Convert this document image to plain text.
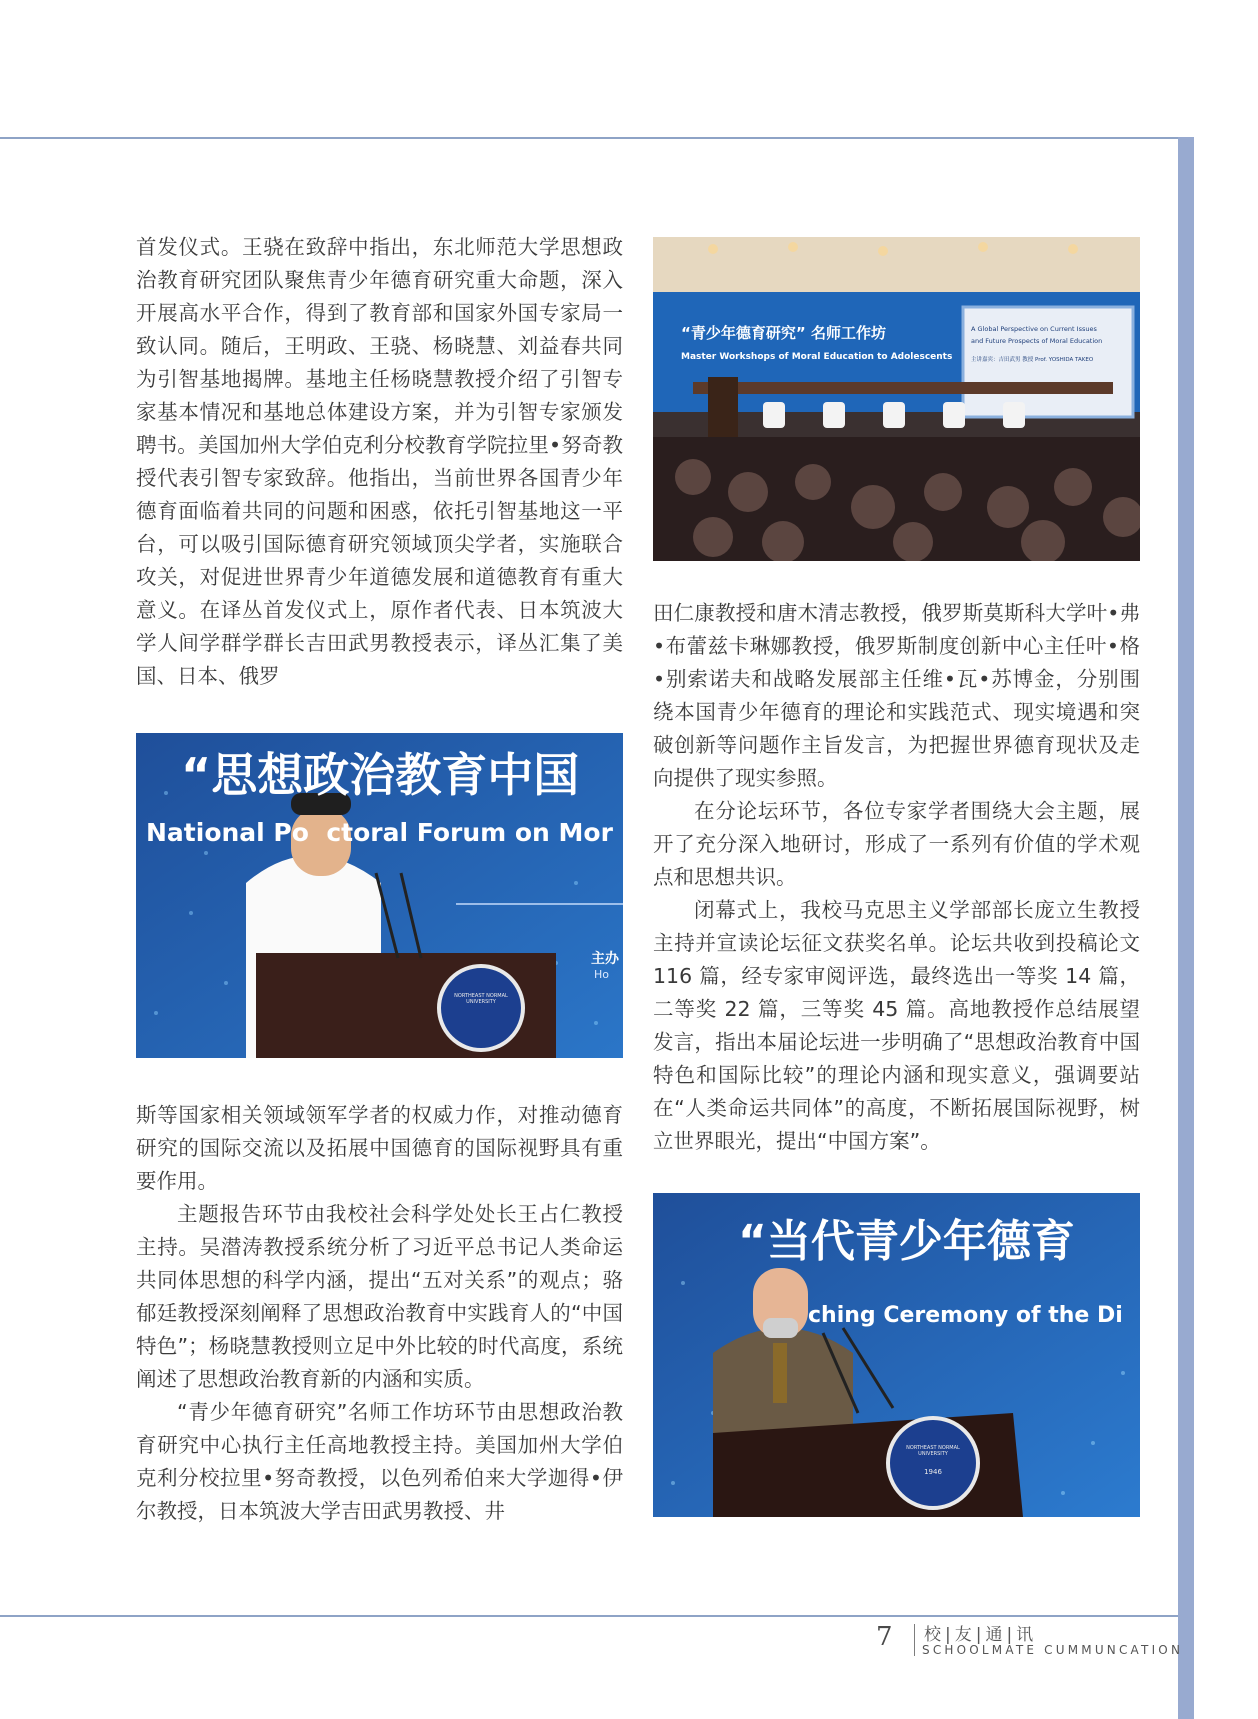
首发仪式。王骁在致辞中指出，东北师范大学思想政治教育研究团队聚焦青少年德育研究重大命题，深入开展高水平合作，得到了教育部和国家外国专家局一致认同。随后，王明政、王骁、杨晓慧、刘益春共同为引智基地揭牌。基地主任杨晓慧教授介绍了引智专家基本情况和基地总体建设方案，并为引智专家颁发聘书。美国加州大学伯克利分校教育学院拉里•努奇教授代表引智专家致辞。他指出，当前世界各国青少年德育面临着共同的问题和困惑，依托引智基地这一平台，可以吸引国际德育研究领域顶尖学者，实施联合攻关，对促进世界青少年道德发展和道德教育有重大意义。在译丛首发仪式上，原作者代表、日本筑波大学人间学群学群长吉田武男教授表示，译丛汇集了美国、日本、俄罗

“思想政治教育中国
National Po  ctoral Forum on Mor
主办
Ho
NORTHEAST NORMAL UNIVERSITY

斯等国家相关领域领军学者的权威力作，对推动德育研究的国际交流以及拓展中国德育的国际视野具有重要作用。

主题报告环节由我校社会科学处处长王占仁教授主持。吴潜涛教授系统分析了习近平总书记人类命运共同体思想的科学内涵，提出“五对关系”的观点；骆郁廷教授深刻阐释了思想政治教育中实践育人的“中国特色”；杨晓慧教授则立足中外比较的时代高度，系统阐述了思想政治教育新的内涵和实质。

“青少年德育研究”名师工作坊环节由思想政治教育研究中心执行主任高地教授主持。美国加州大学伯克利分校拉里•努奇教授，以色列希伯来大学迦得•伊尔教授，日本筑波大学吉田武男教授、井

“青少年德育研究” 名师工作坊
Master Workshops of Moral Education to Adolescents
A Global Perspective on Current Issues
and Future Prospects of Moral Education
主讲嘉宾：吉田武男 教授 Prof. YOSHIDA TAKEO

田仁康教授和唐木清志教授，俄罗斯莫斯科大学叶•弗•布蕾兹卡琳娜教授，俄罗斯制度创新中心主任叶•格•别索诺夫和战略发展部主任维•瓦•苏博金，分别围绕本国青少年德育的理论和实践范式、现实境遇和突破创新等问题作主旨发言，为把握世界德育现状及走向提供了现实参照。

在分论坛环节，各位专家学者围绕大会主题，展开了充分深入地研讨，形成了一系列有价值的学术观点和思想共识。

闭幕式上，我校马克思主义学部部长庞立生教授主持并宣读论坛征文获奖名单。论坛共收到投稿论文 116 篇，经专家审阅评选，最终选出一等奖 14 篇，二等奖 22 篇，三等奖 45 篇。高地教授作总结展望发言，指出本届论坛进一步明确了“思想政治教育中国特色和国际比较”的理论内涵和现实意义，强调要站在“人类命运共同体”的高度，不断拓展国际视野，树立世界眼光，提出“中国方案”。

“当代青少年德育
ching Ceremony of the Di
NORTHEAST NORMAL UNIVERSITY
1946
7 校|友|通|讯
SCHOOLMATE CUMMUNCATION
